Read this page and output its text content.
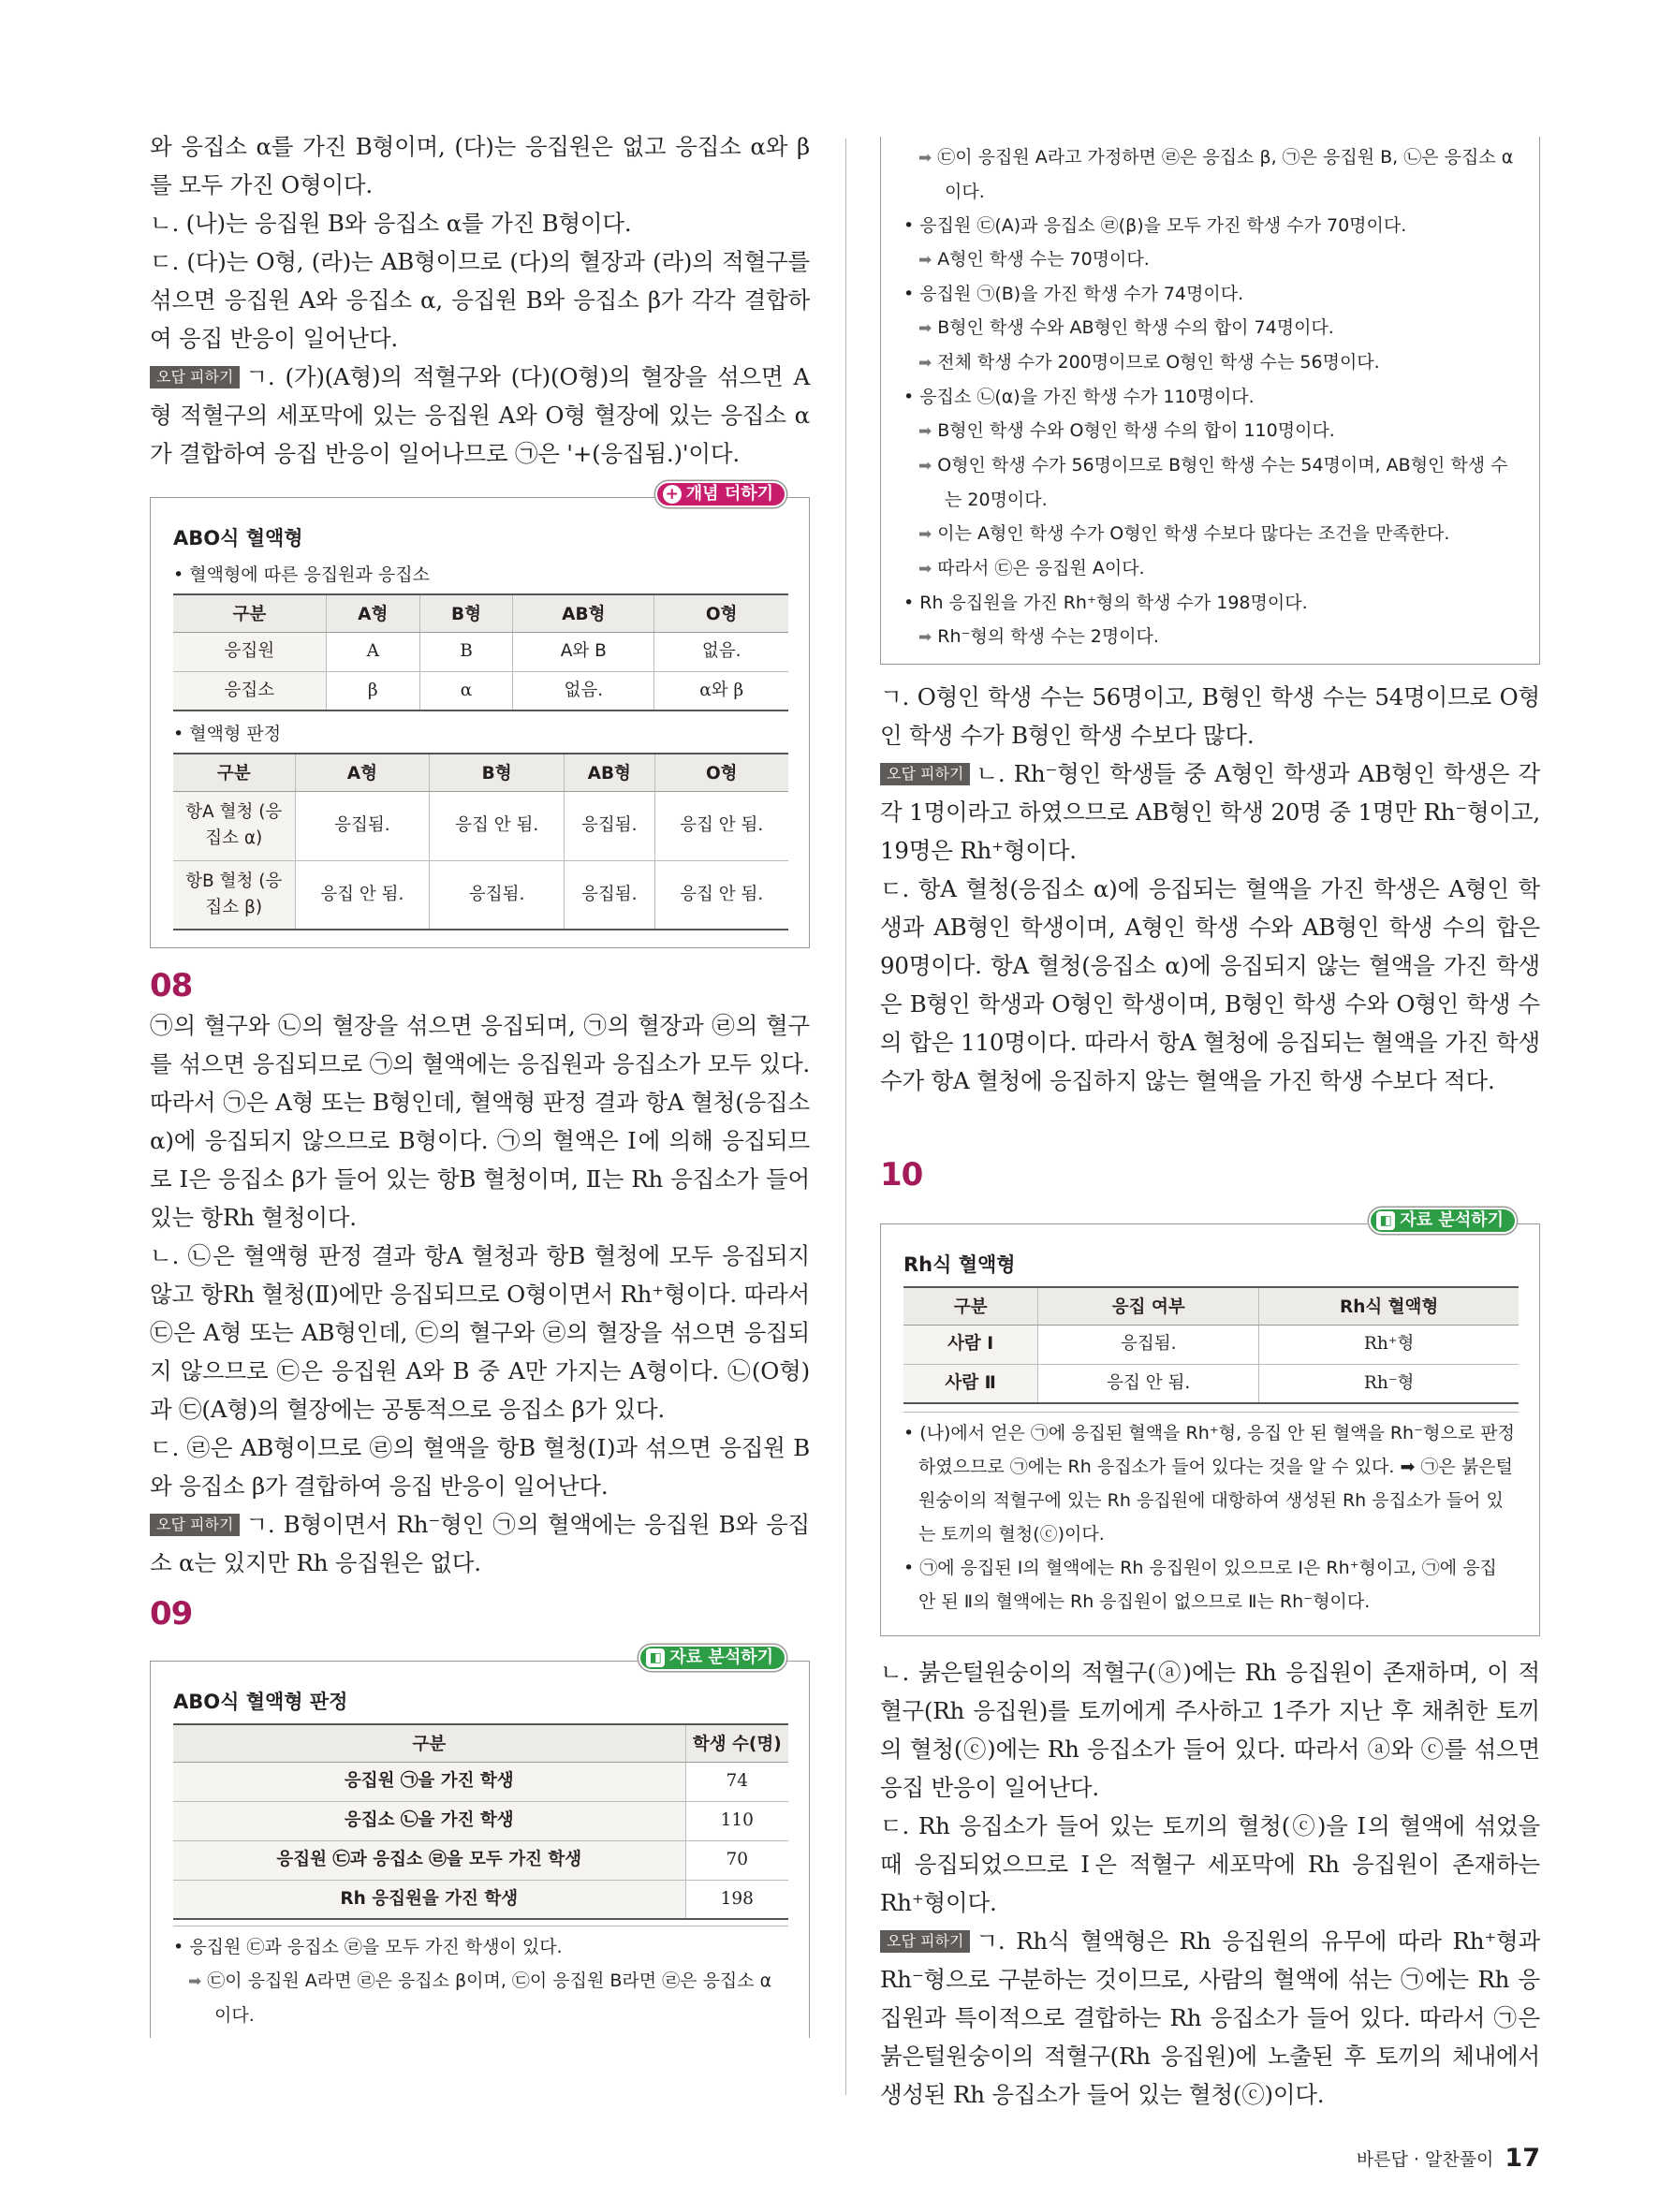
와 응집소 α를 가진 B형이며, (다)는 응집원은 없고 응집소 α와 β를 모두 가진 O형이다.

ㄴ. (나)는 응집원 B와 응집소 α를 가진 B형이다.

ㄷ. (다)는 O형, (라)는 AB형이므로 (다)의 혈장과 (라)의 적혈구를 섞으면 응집원 A와 응집소 α, 응집원 B와 응집소 β가 각각 결합하여 응집 반응이 일어난다.

오답 피하기 ㄱ. (가)(A형)의 적혈구와 (다)(O형)의 혈장을 섞으면 A형 적혈구의 세포막에 있는 응집원 A와 O형 혈장에 있는 응집소 α가 결합하여 응집 반응이 일어나므로 ㉠은 '+(응집됨.)'이다.

+ 개념 더하기
ABO식 혈액형
• 혈액형에 따른 응집원과 응집소
구분	A형	B형	AB형	O형
응집원	A	B	A와 B	없음.
응집소	β	α	없음.	α와 β
• 혈액형 판정
구분	A형	B형	AB형	O형
항A 혈청 (응집소 α)	응집됨.	응집 안 됨.	응집됨.	응집 안 됨.
항B 혈청 (응집소 β)	응집 안 됨.	응집됨.	응집됨.	응집 안 됨.
08

㉠의 혈구와 ㉡의 혈장을 섞으면 응집되며, ㉠의 혈장과 ㉣의 혈구를 섞으면 응집되므로 ㉠의 혈액에는 응집원과 응집소가 모두 있다. 따라서 ㉠은 A형 또는 B형인데, 혈액형 판정 결과 항A 혈청(응집소 α)에 응집되지 않으므로 B형이다. ㉠의 혈액은 Ⅰ에 의해 응집되므로 Ⅰ은 응집소 β가 들어 있는 항B 혈청이며, Ⅱ는 Rh 응집소가 들어 있는 항Rh 혈청이다.

ㄴ. ㉡은 혈액형 판정 결과 항A 혈청과 항B 혈청에 모두 응집되지 않고 항Rh 혈청(Ⅱ)에만 응집되므로 O형이면서 Rh⁺형이다. 따라서 ㉢은 A형 또는 AB형인데, ㉢의 혈구와 ㉣의 혈장을 섞으면 응집되지 않으므로 ㉢은 응집원 A와 B 중 A만 가지는 A형이다. ㉡(O형)과 ㉢(A형)의 혈장에는 공통적으로 응집소 β가 있다.

ㄷ. ㉣은 AB형이므로 ㉣의 혈액을 항B 혈청(Ⅰ)과 섞으면 응집원 B와 응집소 β가 결합하여 응집 반응이 일어난다.

오답 피하기 ㄱ. B형이면서 Rh⁻형인 ㉠의 혈액에는 응집원 B와 응집소 α는 있지만 Rh 응집원은 없다.

09
◧ 자료 분석하기
ABO식 혈액형 판정
구분	학생 수(명)
응집원 ㉠을 가진 학생	74
응집소 ㉡을 가진 학생	110
응집원 ㉢과 응집소 ㉣을 모두 가진 학생	70
Rh 응집원을 가진 학생	198
• 응집원 ㉢과 응집소 ㉣을 모두 가진 학생이 있다.
➡ ㉢이 응집원 A라면 ㉣은 응집소 β이며, ㉢이 응집원 B라면 ㉣은 응집소 α이다.
➡ ㉢이 응집원 A라고 가정하면 ㉣은 응집소 β, ㉠은 응집원 B, ㉡은 응집소 α이다.
• 응집원 ㉢(A)과 응집소 ㉣(β)을 모두 가진 학생 수가 70명이다.
➡ A형인 학생 수는 70명이다.
• 응집원 ㉠(B)을 가진 학생 수가 74명이다.
➡ B형인 학생 수와 AB형인 학생 수의 합이 74명이다.
➡ 전체 학생 수가 200명이므로 O형인 학생 수는 56명이다.
• 응집소 ㉡(α)을 가진 학생 수가 110명이다.
➡ B형인 학생 수와 O형인 학생 수의 합이 110명이다.
➡ O형인 학생 수가 56명이므로 B형인 학생 수는 54명이며, AB형인 학생 수는 20명이다.
➡ 이는 A형인 학생 수가 O형인 학생 수보다 많다는 조건을 만족한다.
➡ 따라서 ㉢은 응집원 A이다.
• Rh 응집원을 가진 Rh⁺형의 학생 수가 198명이다.
➡ Rh⁻형의 학생 수는 2명이다.

ㄱ. O형인 학생 수는 56명이고, B형인 학생 수는 54명이므로 O형인 학생 수가 B형인 학생 수보다 많다.

오답 피하기 ㄴ. Rh⁻형인 학생들 중 A형인 학생과 AB형인 학생은 각각 1명이라고 하였으므로 AB형인 학생 20명 중 1명만 Rh⁻형이고, 19명은 Rh⁺형이다.

ㄷ. 항A 혈청(응집소 α)에 응집되는 혈액을 가진 학생은 A형인 학생과 AB형인 학생이며, A형인 학생 수와 AB형인 학생 수의 합은 90명이다. 항A 혈청(응집소 α)에 응집되지 않는 혈액을 가진 학생은 B형인 학생과 O형인 학생이며, B형인 학생 수와 O형인 학생 수의 합은 110명이다. 따라서 항A 혈청에 응집되는 혈액을 가진 학생 수가 항A 혈청에 응집하지 않는 혈액을 가진 학생 수보다 적다.

10
◧ 자료 분석하기
Rh식 혈액형
구분	응집 여부	Rh식 혈액형
사람 Ⅰ	응집됨.	Rh⁺형
사람 Ⅱ	응집 안 됨.	Rh⁻형
• (나)에서 얻은 ㉠에 응집된 혈액을 Rh⁺형, 응집 안 된 혈액을 Rh⁻형으로 판정하였으므로 ㉠에는 Rh 응집소가 들어 있다는 것을 알 수 있다. ➡ ㉠은 붉은털원숭이의 적혈구에 있는 Rh 응집원에 대항하여 생성된 Rh 응집소가 들어 있는 토끼의 혈청(ⓒ)이다.
• ㉠에 응집된 Ⅰ의 혈액에는 Rh 응집원이 있으므로 Ⅰ은 Rh⁺형이고, ㉠에 응집 안 된 Ⅱ의 혈액에는 Rh 응집원이 없으므로 Ⅱ는 Rh⁻형이다.

ㄴ. 붉은털원숭이의 적혈구(ⓐ)에는 Rh 응집원이 존재하며, 이 적혈구(Rh 응집원)를 토끼에게 주사하고 1주가 지난 후 채취한 토끼의 혈청(ⓒ)에는 Rh 응집소가 들어 있다. 따라서 ⓐ와 ⓒ를 섞으면 응집 반응이 일어난다.

ㄷ. Rh 응집소가 들어 있는 토끼의 혈청(ⓒ)을 Ⅰ의 혈액에 섞었을 때 응집되었으므로 Ⅰ은 적혈구 세포막에 Rh 응집원이 존재하는 Rh⁺형이다.

오답 피하기 ㄱ. Rh식 혈액형은 Rh 응집원의 유무에 따라 Rh⁺형과 Rh⁻형으로 구분하는 것이므로, 사람의 혈액에 섞는 ㉠에는 Rh 응집원과 특이적으로 결합하는 Rh 응집소가 들어 있다. 따라서 ㉠은 붉은털원숭이의 적혈구(Rh 응집원)에 노출된 후 토끼의 체내에서 생성된 Rh 응집소가 들어 있는 혈청(ⓒ)이다.

바른답 · 알찬풀이 17
